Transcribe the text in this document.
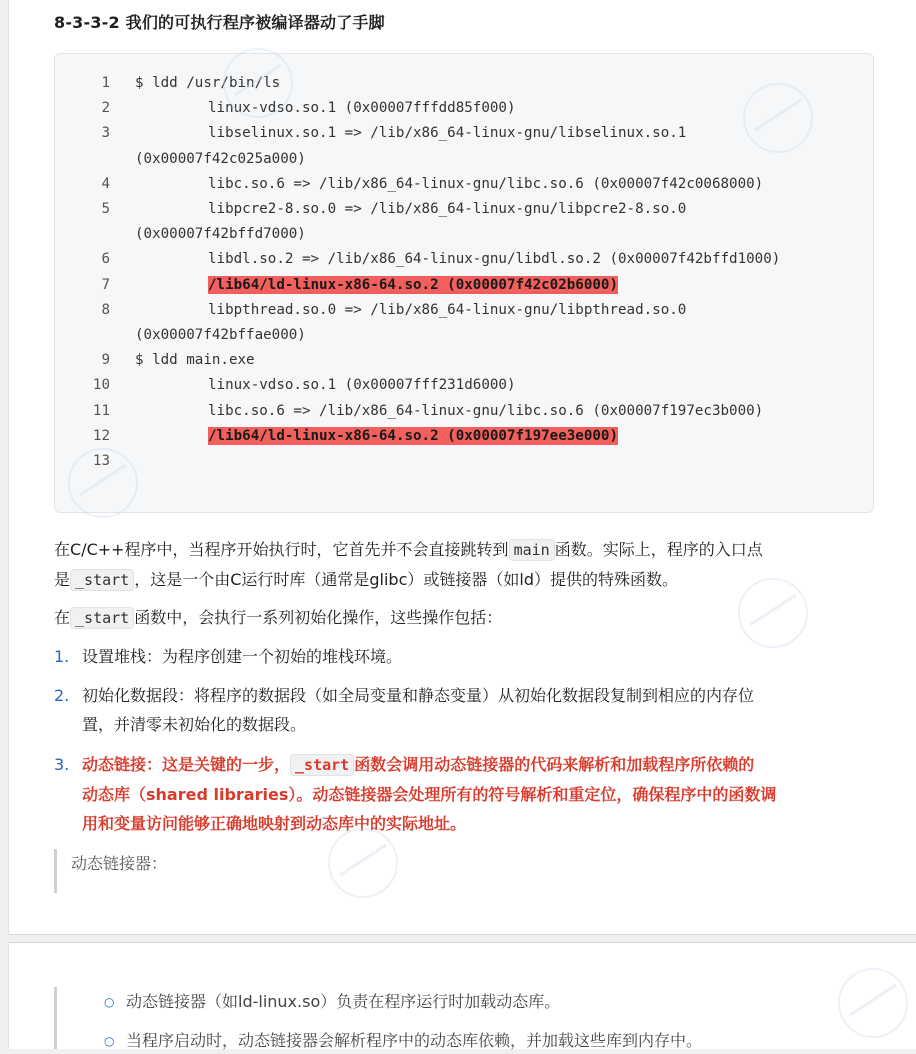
8-3-3-2 我们的可执行程序被编译器动了手脚
1 $ ldd /usr/bin/ls
2	linux-vdso.so.1 (0x00007fffdd85f000)
3	libselinux.so.1 => /lib/x86_64-linux-gnu/libselinux.so.1
(0x00007f42c025a000)
4	libc.so.6 => /lib/x86_64-linux-gnu/libc.so.6 (0x00007f42c0068000)
5	libpcre2-8.so.0 => /lib/x86_64-linux-gnu/libpcre2-8.so.0
(0x00007f42bffd7000)
6	libdl.so.2 => /lib/x86_64-linux-gnu/libdl.so.2 (0x00007f42bffd1000)
7	/lib64/ld-linux-x86-64.so.2 (0x00007f42c02b6000)
8	libpthread.so.0 => /lib/x86_64-linux-gnu/libpthread.so.0
(0x00007f42bffae000)
9 $ ldd main.exe
10	linux-vdso.so.1 (0x00007fff231d6000)
11	libc.so.6 => /lib/x86_64-linux-gnu/libc.so.6 (0x00007f197ec3b000)
12	/lib64/ld-linux-x86-64.so.2 (0x00007f197ee3e000)
13

在C/C++程序中，当程序开始执行时，它首先并不会直接跳转到 main 函数。实际上，程序的入口点
是 _start ，这是一个由C运行时库（通常是glibc）或链接器（如ld）提供的特殊函数。

在 _start 函数中，会执行一系列初始化操作，这些操作包括：

1. 设置堆栈：为程序创建一个初始的堆栈环境。
2. 初始化数据段：将程序的数据段（如全局变量和静态变量）从初始化数据段复制到相应的内存位
置，并清零未初始化的数据段。
3. 动态链接：这是关键的一步， _start 函数会调用动态链接器的代码来解析和加载程序所依赖的
动态库（shared libraries）。动态链接器会处理所有的符号解析和重定位，确保程序中的函数调
用和变量访问能够正确地映射到动态库中的实际地址。

动态链接器：

○ 动态链接器（如ld-linux.so）负责在程序运行时加载动态库。
○ 当程序启动时，动态链接器会解析程序中的动态库依赖，并加载这些库到内存中。
